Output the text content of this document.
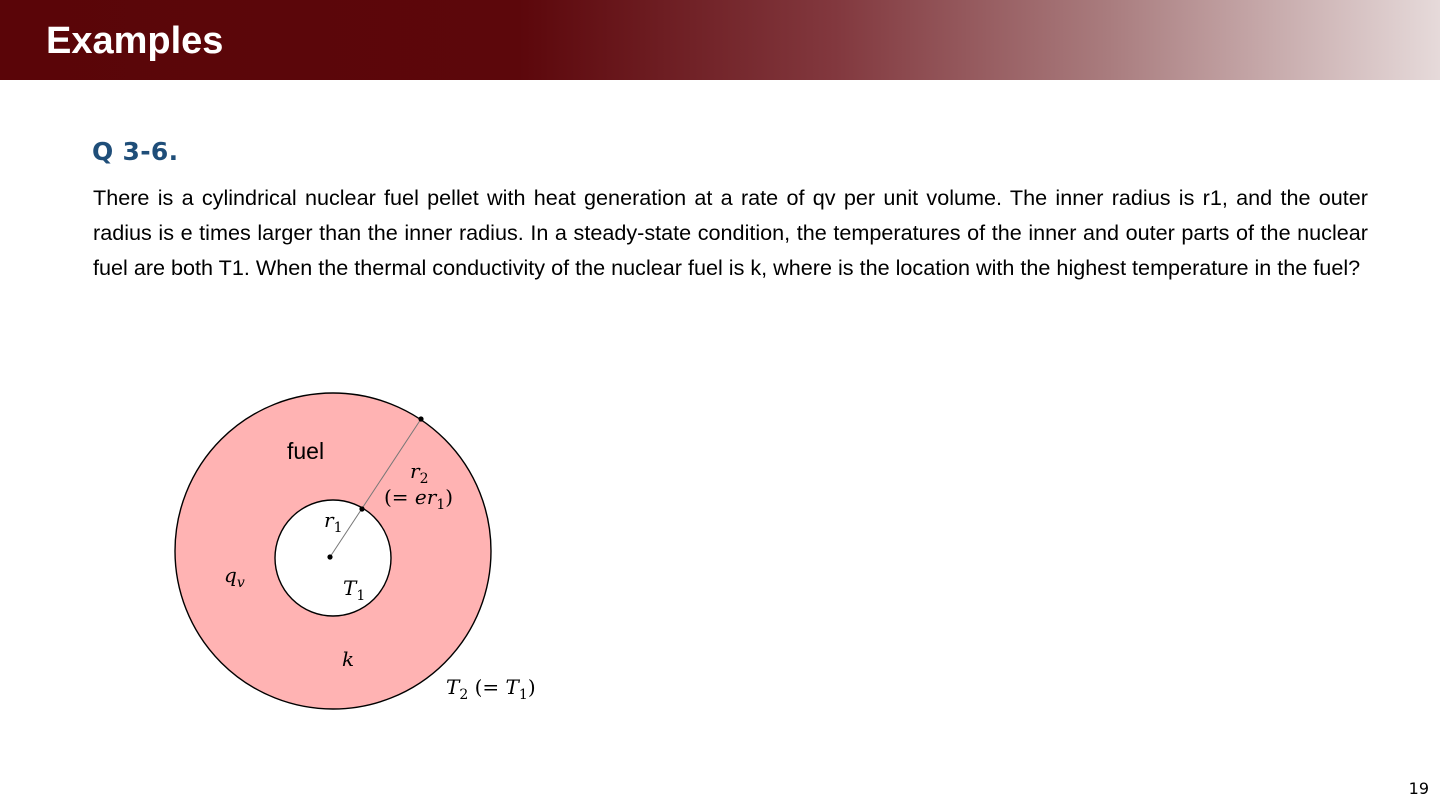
Examples
Q 3-6.

There is a cylindrical nuclear fuel pellet with heat generation at a rate of qv per unit volume. The inner radius is r1, and the outer radius is e times larger than the inner radius. In a steady-state condition, the temperatures of the inner and outer parts of the nuclear fuel are both T1. When the thermal conductivity of the nuclear fuel is k, where is the location with the highest temperature in the fuel?

fuel
r2
(= er1)
r1
qv	T1
k
T2 (= T1)
19
